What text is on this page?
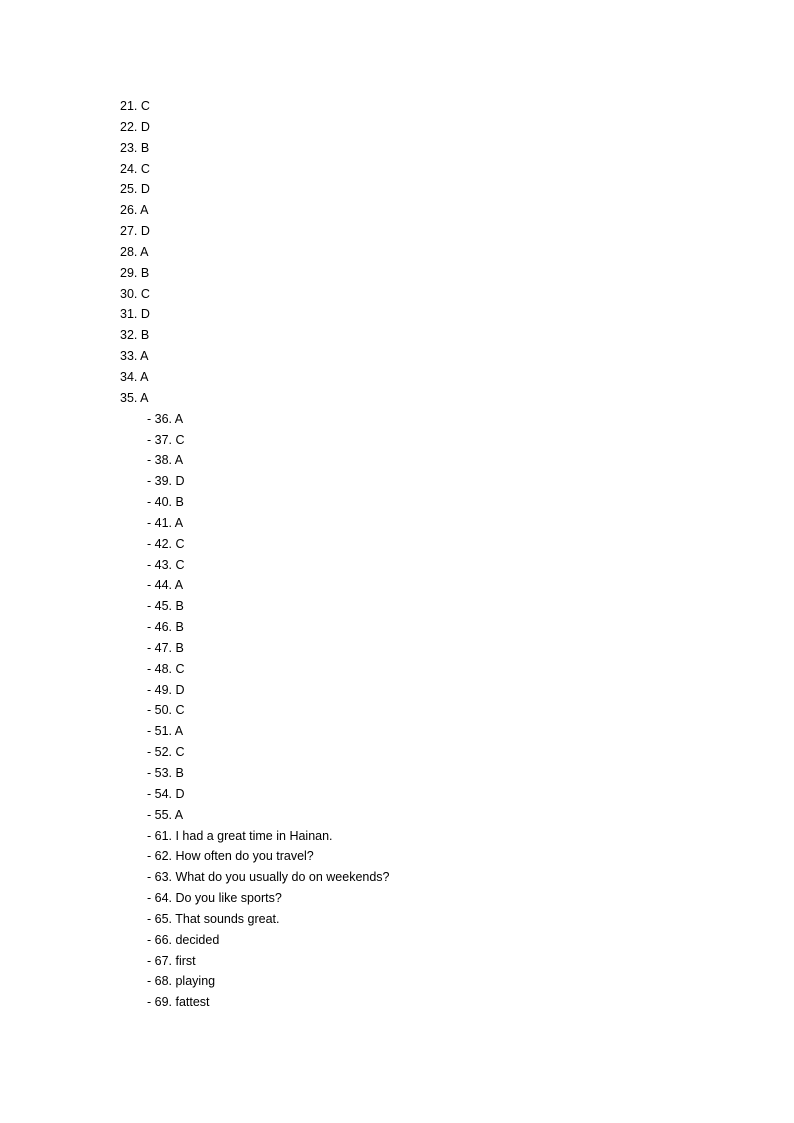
21. C
22. D
23. B
24. C
25. D
26. A
27. D
28. A
29. B
30. C
31. D
32. B
33. A
34. A
35. A
- 36. A
- 37. C
- 38. A
- 39. D
- 40. B
- 41. A
- 42. C
- 43. C
- 44. A
- 45. B
- 46. B
- 47. B
- 48. C
- 49. D
- 50. C
- 51. A
- 52. C
- 53. B
- 54. D
- 55. A
- 61. I had a great time in Hainan.
- 62. How often do you travel?
- 63. What do you usually do on weekends?
- 64. Do you like sports?
- 65. That sounds great.
- 66. decided
- 67. first
- 68. playing
- 69. fattest
